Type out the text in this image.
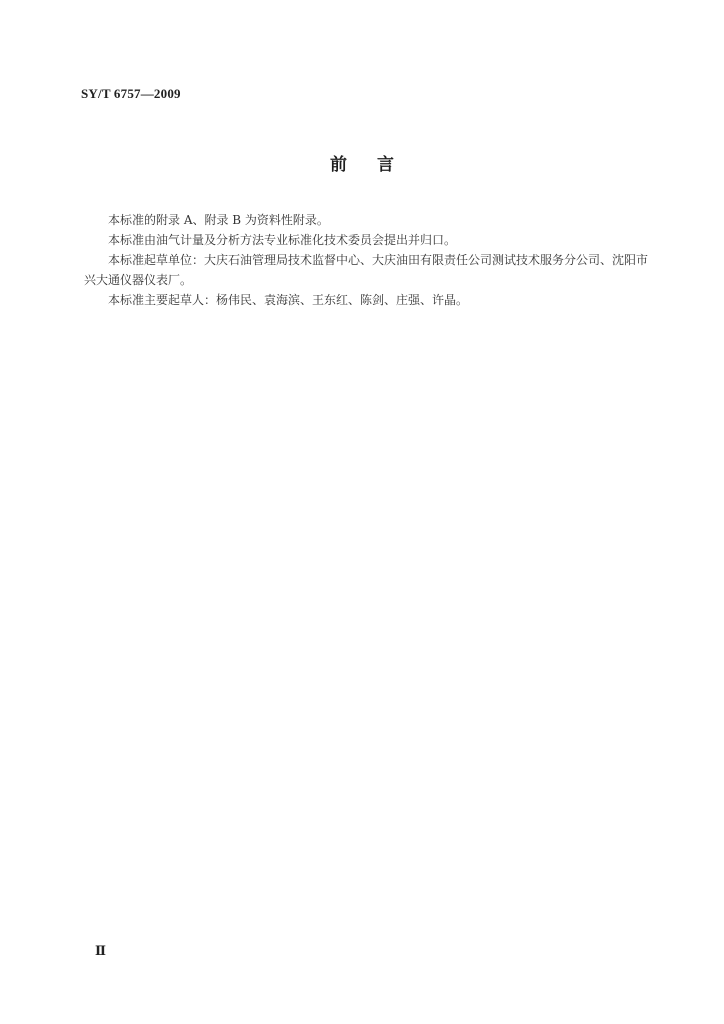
SY/T 6757—2009
前言

本标准的附录 A、附录 B 为资料性附录。

本标准由油气计量及分析方法专业标准化技术委员会提出并归口。

本标准起草单位：大庆石油管理局技术监督中心、大庆油田有限责任公司测试技术服务分公司、沈阳市兴大通仪器仪表厂。

本标准主要起草人：杨伟民、袁海滨、王东红、陈剑、庄强、许晶。

Ⅱ
